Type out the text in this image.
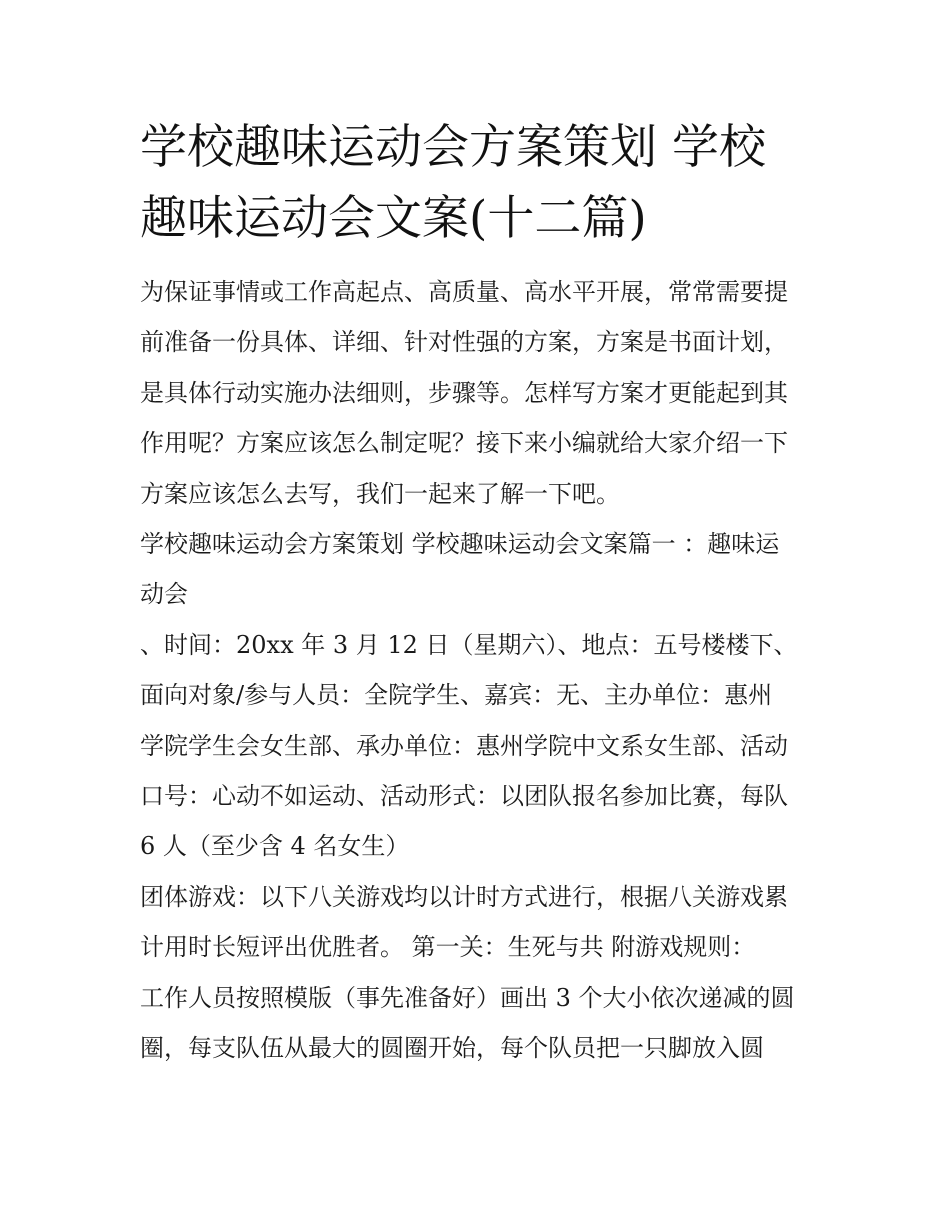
学校趣味运动会方案策划 学校
趣味运动会文案(十二篇)

为保证事情或工作高起点、高质量、高水平开展，常常需要提
前准备一份具体、详细、针对性强的方案，方案是书面计划，
是具体行动实施办法细则，步骤等。怎样写方案才更能起到其
作用呢？方案应该怎么制定呢？接下来小编就给大家介绍一下
方案应该怎么去写，我们一起来了解一下吧。

学校趣味运动会方案策划 学校趣味运动会文案篇一 ：趣味运
动会

、时间：20xx 年 3 月 12 日（星期六）、地点：五号楼楼下、
面向对象/参与人员：全院学生、嘉宾：无、主办单位：惠州
学院学生会女生部、承办单位：惠州学院中文系女生部、活动
口号：心动不如运动、活动形式：以团队报名参加比赛，每队
6 人（至少含 4 名女生）

团体游戏：以下八关游戏均以计时方式进行，根据八关游戏累
计用时长短评出优胜者。 第一关：生死与共 附游戏规则：

工作人员按照模版（事先准备好）画出 3 个大小依次递减的圆
圈，每支队伍从最大的圆圈开始，每个队员把一只脚放入圆
